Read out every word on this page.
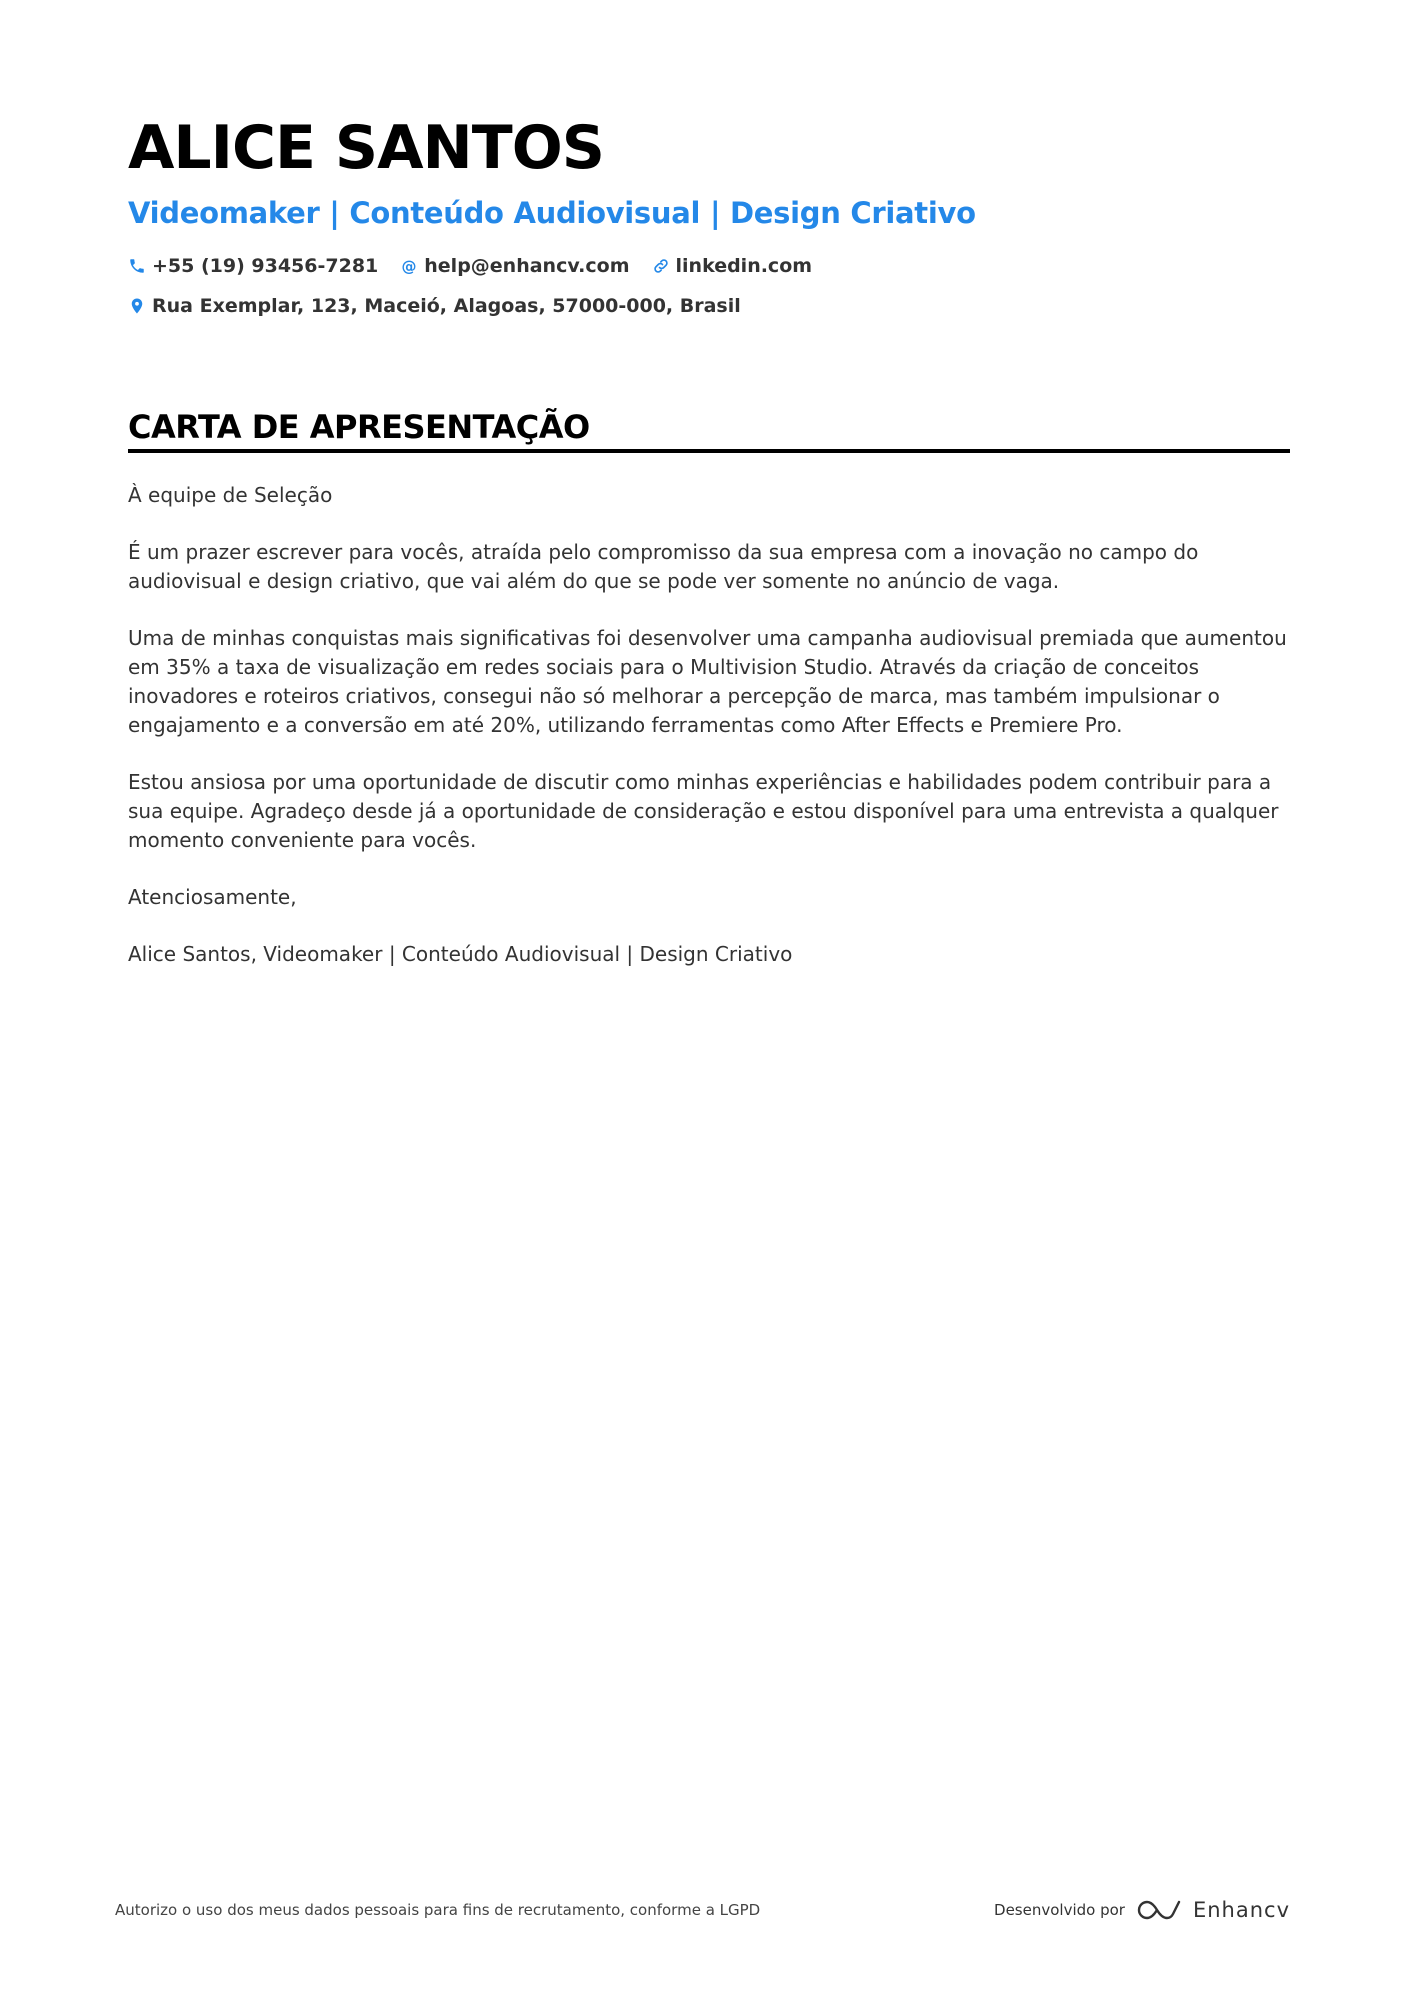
ALICE SANTOS
Videomaker | Conteúdo Audiovisual | Design Criativo
+55 (19) 93456-7281 @ help@enhancv.com linkedin.com
Rua Exemplar, 123, Maceió, Alagoas, 57000-000, Brasil
CARTA DE APRESENTAÇÃO

À equipe de Seleção

É um prazer escrever para vocês, atraída pelo compromisso da sua empresa com a inovação no campo do audiovisual e design criativo, que vai além do que se pode ver somente no anúncio de vaga.

Uma de minhas conquistas mais significativas foi desenvolver uma campanha audiovisual premiada que aumentou em 35% a taxa de visualização em redes sociais para o Multivision Studio. Através da criação de conceitos inovadores e roteiros criativos, consegui não só melhorar a percepção de marca, mas também impulsionar o engajamento e a conversão em até 20%, utilizando ferramentas como After Effects e Premiere Pro.

Estou ansiosa por uma oportunidade de discutir como minhas experiências e habilidades podem contribuir para a sua equipe. Agradeço desde já a oportunidade de consideração e estou disponível para uma entrevista a qualquer momento conveniente para vocês.

Atenciosamente,

Alice Santos, Videomaker | Conteúdo Audiovisual | Design Criativo

Autorizo o uso dos meus dados pessoais para fins de recrutamento, conforme a LGPD	Desenvolvido por	Enhancv
